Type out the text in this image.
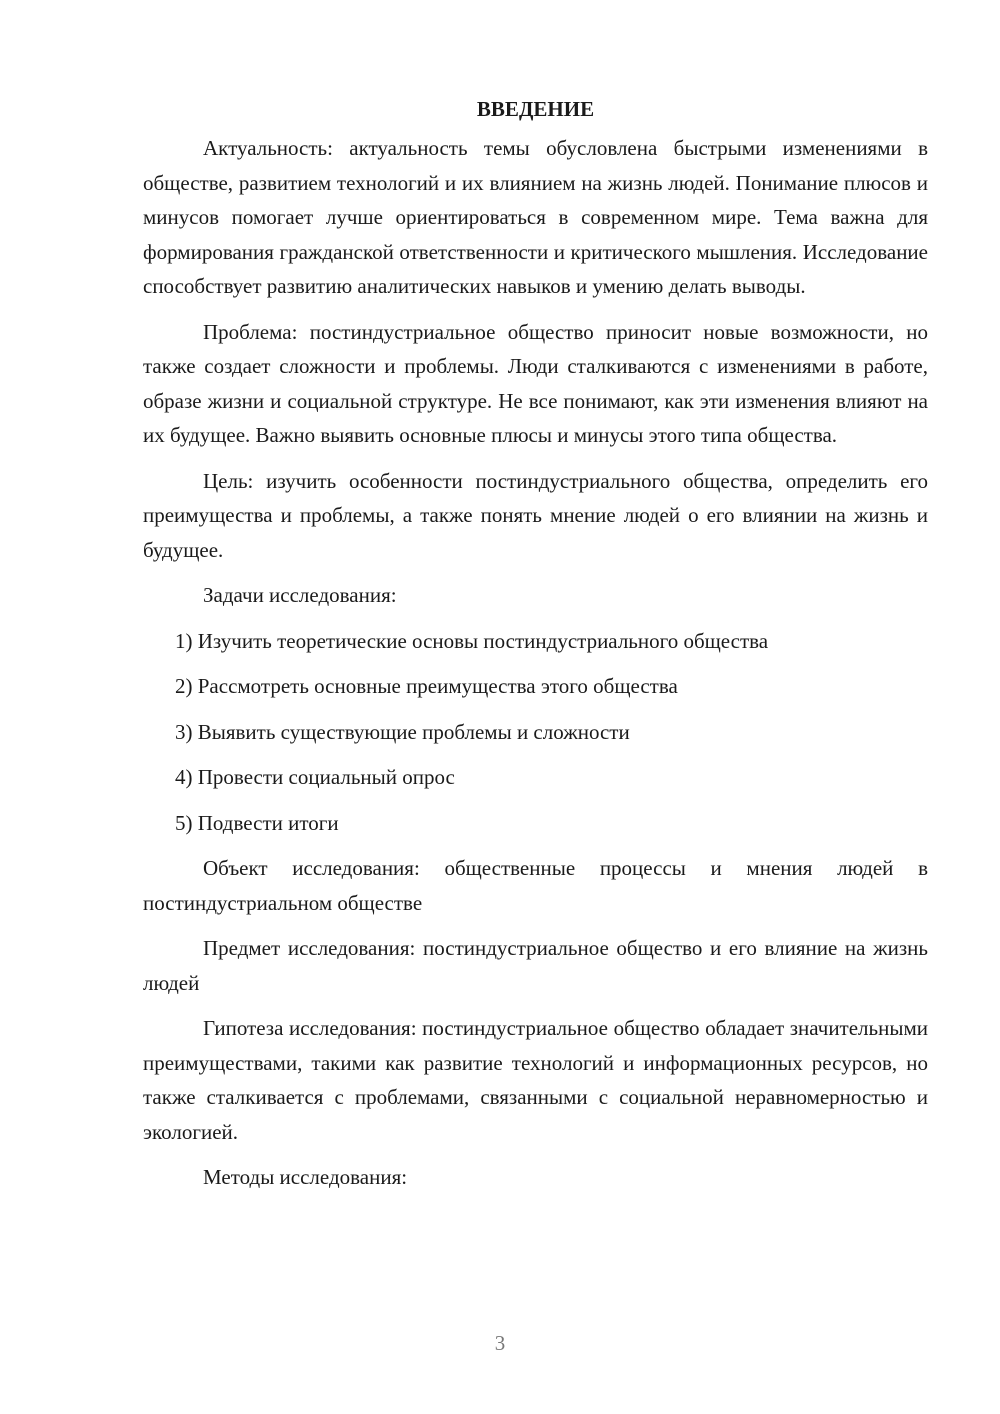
ВВЕДЕНИЕ

Актуальность: актуальность темы обусловлена быстрыми изменениями в обществе, развитием технологий и их влиянием на жизнь людей. Понимание плюсов и минусов помогает лучше ориентироваться в современном мире. Тема важна для формирования гражданской ответственности и критического мышления. Исследование способствует развитию аналитических навыков и умению делать выводы.

Проблема: постиндустриальное общество приносит новые возможности, но также создает сложности и проблемы. Люди сталкиваются с изменениями в работе, образе жизни и социальной структуре. Не все понимают, как эти изменения влияют на их будущее. Важно выявить основные плюсы и минусы этого типа общества.

Цель: изучить особенности постиндустриального общества, определить его преимущества и проблемы, а также понять мнение людей о его влиянии на жизнь и будущее.

Задачи исследования:

1) Изучить теоретические основы постиндустриального общества
2) Рассмотреть основные преимущества этого общества
3) Выявить существующие проблемы и сложности
4) Провести социальный опрос
5) Подвести итоги

Объект исследования: общественные процессы и мнения людей в постиндустриальном обществе

Предмет исследования: постиндустриальное общество и его влияние на жизнь людей

Гипотеза исследования: постиндустриальное общество обладает значительными преимуществами, такими как развитие технологий и информационных ресурсов, но также сталкивается с проблемами, связанными с социальной неравномерностью и экологией.

Методы исследования:

3
